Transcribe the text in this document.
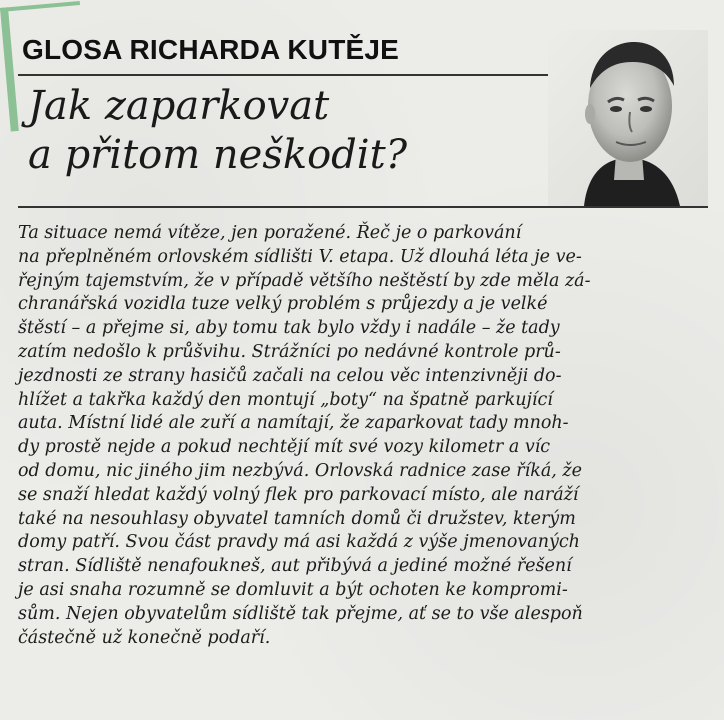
GLOSA RICHARDA KUTĚJE
Jak zaparkovat
a přitom neškodit?
Ta situace nemá vítěze, jen poražené. Řeč je o parkování
na přeplněném orlovském sídlišti V. etapa. Už dlouhá léta je ve-
řejným tajemstvím, že v případě většího neštěstí by zde měla zá-
chranářská vozidla tuze velký problém s průjezdy a je velké
štěstí – a přejme si, aby tomu tak bylo vždy i nadále – že tady
zatím nedošlo k průšvihu. Strážníci po nedávné kontrole prů-
jezdnosti ze strany hasičů začali na celou věc intenzivněji do-
hlížet a takřka každý den montují „boty“ na špatně parkující
auta. Místní lidé ale zuří a namítají, že zaparkovat tady mnoh-
dy prostě nejde a pokud nechtějí mít své vozy kilometr a víc
od domu, nic jiného jim nezbývá. Orlovská radnice zase říká, že
se snaží hledat každý volný flek pro parkovací místo, ale naráží
také na nesouhlasy obyvatel tamních domů či družstev, kterým
domy patří. Svou část pravdy má asi každá z výše jmenovaných
stran. Sídliště nenafoukneš, aut přibývá a jediné možné řešení
je asi snaha rozumně se domluvit a být ochoten ke kompromi-
sům. Nejen obyvatelům sídliště tak přejme, ať se to vše alespoň
částečně už konečně podaří.
